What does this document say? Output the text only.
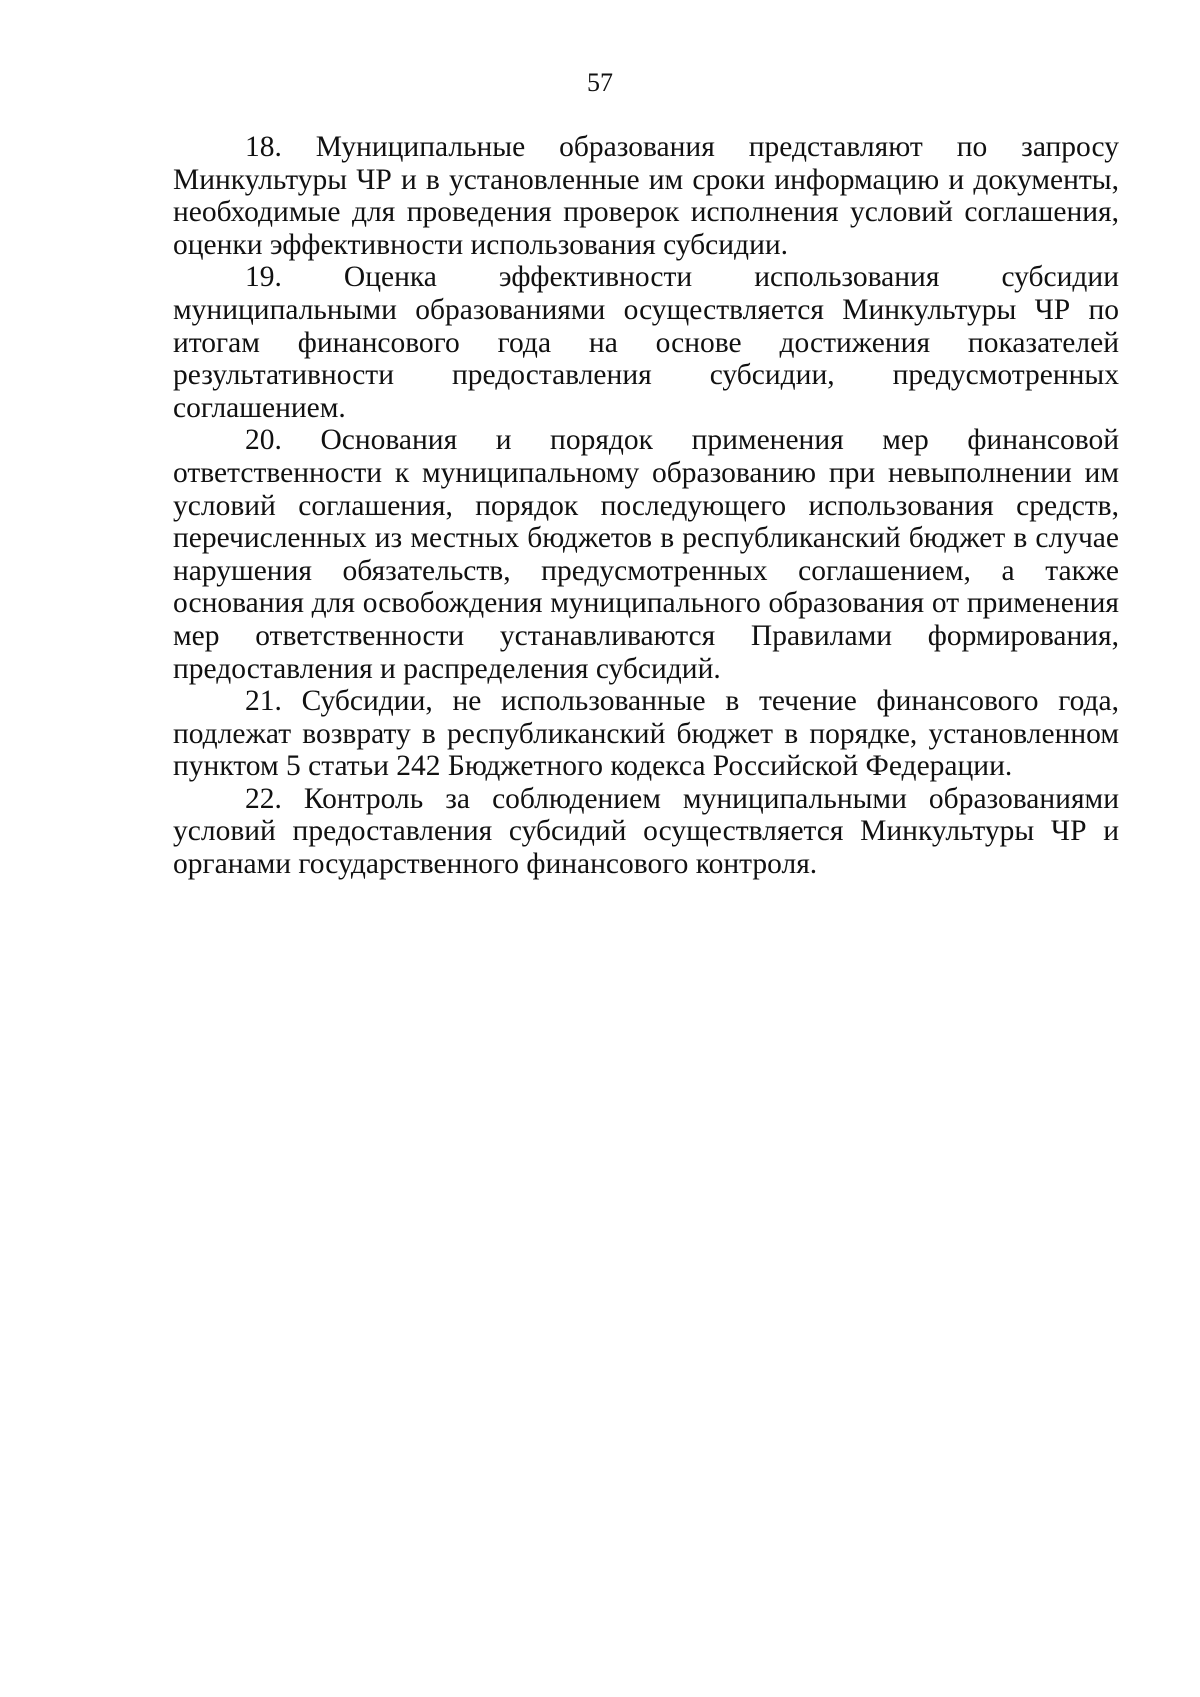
57

18. Муниципальные образования представляют по запросу Минкультуры ЧР и в установленные им сроки информацию и документы, необходимые для проведения проверок исполнения условий соглашения, оценки эффективности использования субсидии.

19. Оценка эффективности использования субсидии муниципальными образованиями осуществляется Минкультуры ЧР по итогам финансового года на основе достижения показателей результативности предоставления субсидии, предусмотренных соглашением.

20. Основания и порядок применения мер финансовой ответственности к муниципальному образованию при невыполнении им условий соглашения, порядок последующего использования средств, перечисленных из местных бюджетов в республиканский бюджет в случае нарушения обязательств, предусмотренных соглашением, а также основания для освобождения муниципального образования от применения мер ответственности устанавливаются Правилами формирования, предоставления и распределения субсидий.

21. Субсидии, не использованные в течение финансового года, подлежат возврату в республиканский бюджет в порядке, установленном пунктом 5 статьи 242 Бюджетного кодекса Российской Федерации.

22. Контроль за соблюдением муниципальными образованиями условий предоставления субсидий осуществляется Минкультуры ЧР и органами государственного финансового контроля.
